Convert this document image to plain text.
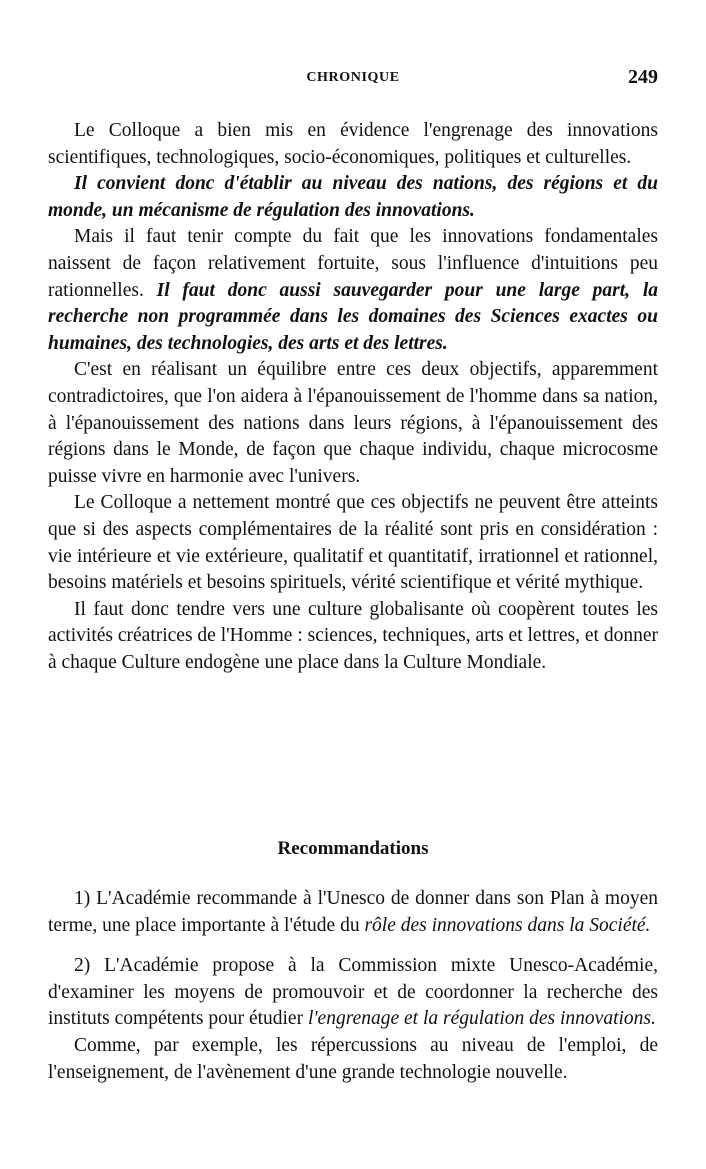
CHRONIQUE	249

Le Colloque a bien mis en évidence l'engrenage des innovations scientifiques, technologiques, socio-économiques, politiques et culturelles.

Il convient donc d'établir au niveau des nations, des régions et du monde, un mécanisme de régulation des innovations.

Mais il faut tenir compte du fait que les innovations fondamentales naissent de façon relativement fortuite, sous l'influence d'intuitions peu rationnelles. Il faut donc aussi sauvegarder pour une large part, la recherche non programmée dans les domaines des Sciences exactes ou humaines, des technologies, des arts et des lettres.

C'est en réalisant un équilibre entre ces deux objectifs, apparemment contradictoires, que l'on aidera à l'épanouissement de l'homme dans sa nation, à l'épanouissement des nations dans leurs régions, à l'épanouissement des régions dans le Monde, de façon que chaque individu, chaque microcosme puisse vivre en harmonie avec l'univers.

Le Colloque a nettement montré que ces objectifs ne peuvent être atteints que si des aspects complémentaires de la réalité sont pris en considération : vie intérieure et vie extérieure, qualitatif et quantitatif, irrationnel et rationnel, besoins matériels et besoins spirituels, vérité scientifique et vérité mythique.

Il faut donc tendre vers une culture globalisante où coopèrent toutes les activités créatrices de l'Homme : sciences, techniques, arts et lettres, et donner à chaque Culture endogène une place dans la Culture Mondiale.

Recommandations

1) L'Académie recommande à l'Unesco de donner dans son Plan à moyen terme, une place importante à l'étude du rôle des innovations dans la Société.

2) L'Académie propose à la Commission mixte Unesco-Académie, d'examiner les moyens de promouvoir et de coordonner la recherche des instituts compétents pour étudier l'engrenage et la régulation des innovations.

Comme, par exemple, les répercussions au niveau de l'emploi, de l'enseignement, de l'avènement d'une grande technologie nouvelle.
